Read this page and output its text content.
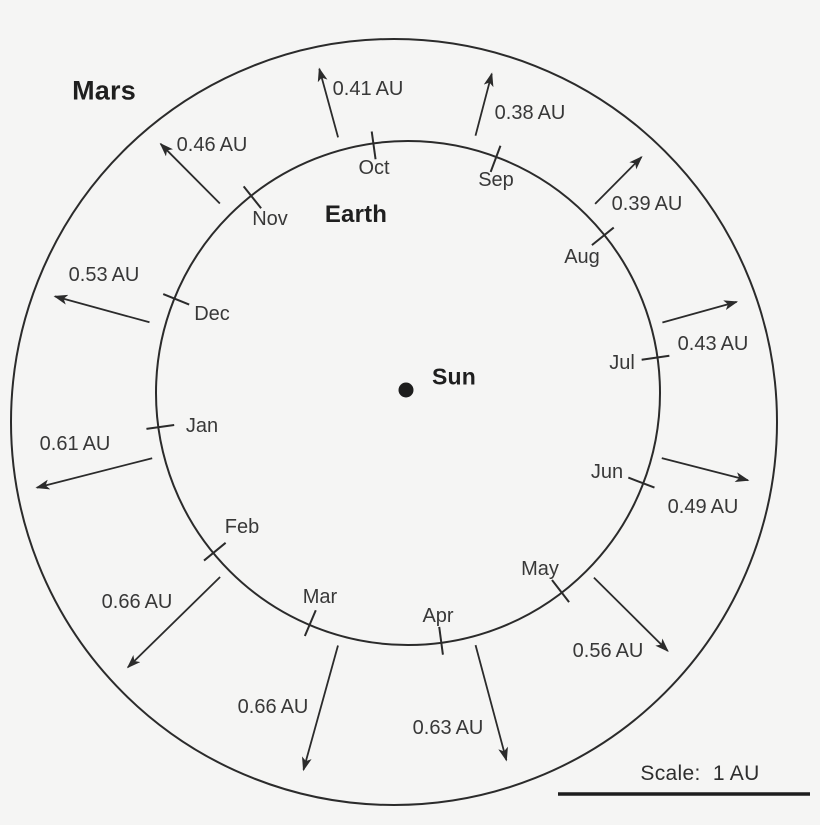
Jan
0.61 AU
Feb
0.66 AU	Mar
0.66 AU
Apr
0.63 AU
May
0.56 AU
Jun
0.49 AU
Jul
0.43 AU
Aug
0.39 AU
Sep
0.38 AU
Oct
0.41 AU
Nov
0.46 AU
Dec
0.53 AU
Mars
Earth
Sun
Scale:  1 AU
